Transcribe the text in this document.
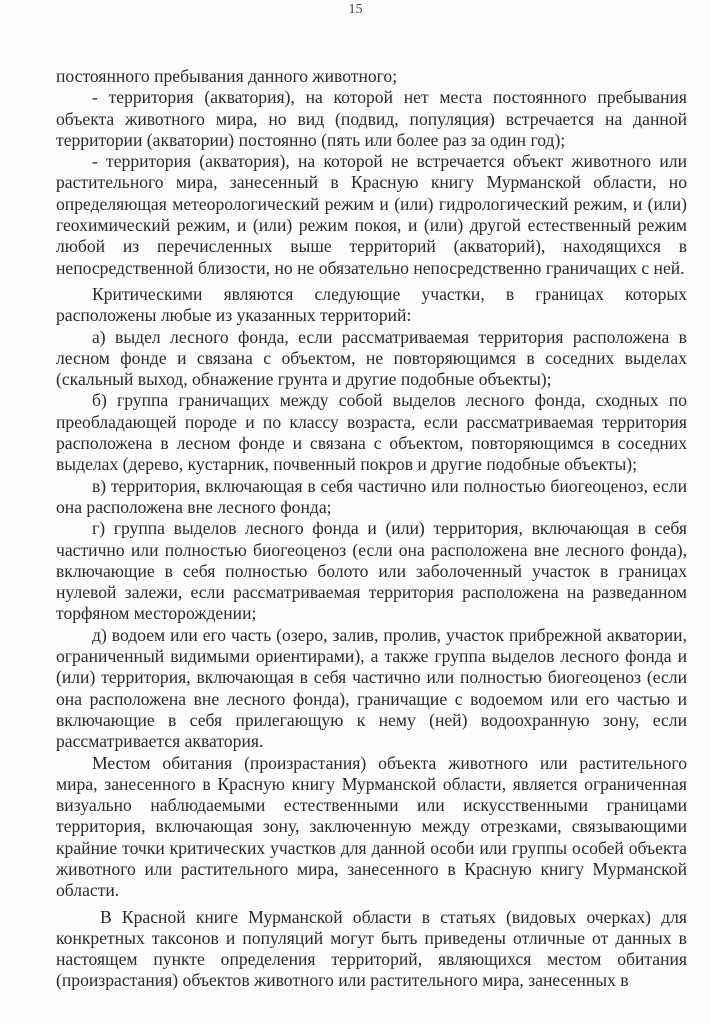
15

постоянного пребывания данного животного;

- территория (акватория), на которой нет места постоянного пребывания объекта животного мира, но вид (подвид, популяция) встречается на данной территории (акватории) постоянно (пять или более раз за один год);

- территория (акватория), на которой не встречается объект животного или растительного мира, занесенный в Красную книгу Мурманской области, но определяющая метеорологический режим и (или) гидрологический режим, и (или) геохимический режим, и (или) режим покоя, и (или) другой естественный режим любой из перечисленных выше территорий (акваторий), находящихся в непосредственной близости, но не обязательно непосредственно граничащих с ней.

Критическими являются следующие участки, в границах которых расположены любые из указанных территорий:

а) выдел лесного фонда, если рассматриваемая территория расположена в лесном фонде и связана с объектом, не повторяющимся в соседних выделах (скальный выход, обнажение грунта и другие подобные объекты);

б) группа граничащих между собой выделов лесного фонда, сходных по преобладающей породе и по классу возраста, если рассматриваемая территория расположена в лесном фонде и связана с объектом, повторяющимся в соседних выделах (дерево, кустарник, почвенный покров и другие подобные объекты);

в) территория, включающая в себя частично или полностью биогеоценоз, если она расположена вне лесного фонда;

г) группа выделов лесного фонда и (или) территория, включающая в себя частично или полностью биогеоценоз (если она расположена вне лесного фонда), включающие в себя полностью болото или заболоченный участок в границах нулевой залежи, если рассматриваемая территория расположена на разведанном торфяном месторождении;

д) водоем или его часть (озеро, залив, пролив, участок прибрежной акватории, ограниченный видимыми ориентирами), а также группа выделов лесного фонда и (или) территория, включающая в себя частично или полностью биогеоценоз (если она расположена вне лесного фонда), граничащие с водоемом или его частью и включающие в себя прилегающую к нему (ней) водоохранную зону, если рассматривается акватория.

Местом обитания (произрастания) объекта животного или растительного мира, занесенного в Красную книгу Мурманской области, является ограниченная визуально наблюдаемыми естественными или искусственными границами территория, включающая зону, заключенную между отрезками, связывающими крайние точки критических участков для данной особи или группы особей объекта животного или растительного мира, занесенного в Красную книгу Мурманской области.

В Красной книге Мурманской области в статьях (видовых очерках) для конкретных таксонов и популяций могут быть приведены отличные от данных в настоящем пункте определения территорий, являющихся местом обитания (произрастания) объектов животного или растительного мира, занесенных в
